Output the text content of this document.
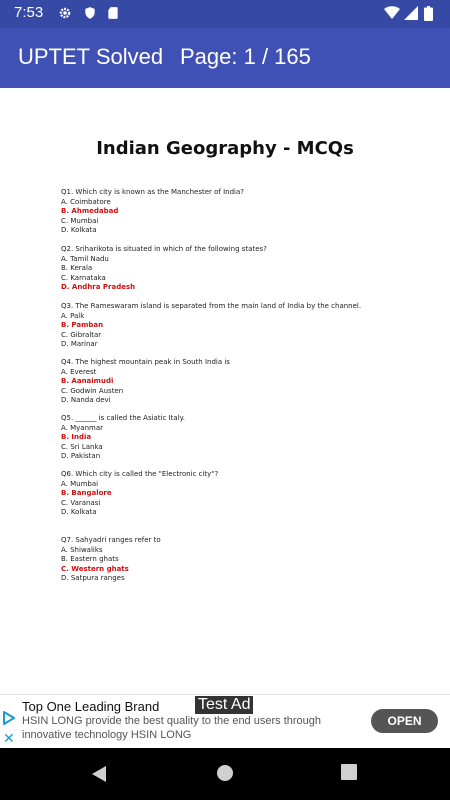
7:53
UPTET Solved Page: 1 / 165
Indian Geography - MCQs
Q1. Which city is known as the Manchester of India?
A. Coimbatore
B. Ahmedabad
C. Mumbai
D. Kolkata
Q2. Sriharikota is situated in which of the following states?
A. Tamil Nadu
B. Kerala
C. Karnataka
D. Andhra Pradesh
Q3. The Rameswaram island is separated from the main land of India by the channel.
A. Palk
B. Pamban
C. Gibraltar
D. Marinar
Q4. The highest mountain peak in South India is
A. Everest
B. Aanaimudi
C. Godwin Austen
D. Nanda devi
Q5. ______ is called the Asiatic Italy.
A. Myanmar
B. India
C. Sri Lanka
D. Pakistan
Q6. Which city is called the "Electronic city"?
A. Mumbai
B. Bangalore
C. Varanasi
D. Kolkata
Q7. Sahyadri ranges refer to
A. Shiwaliks
B. Eastern ghats
C. Western ghats
D. Satpura ranges
✕
Top One Leading Brand Test Ad
HSIN LONG provide the best quality to the end users through innovative technology HSIN LONG
OPEN
